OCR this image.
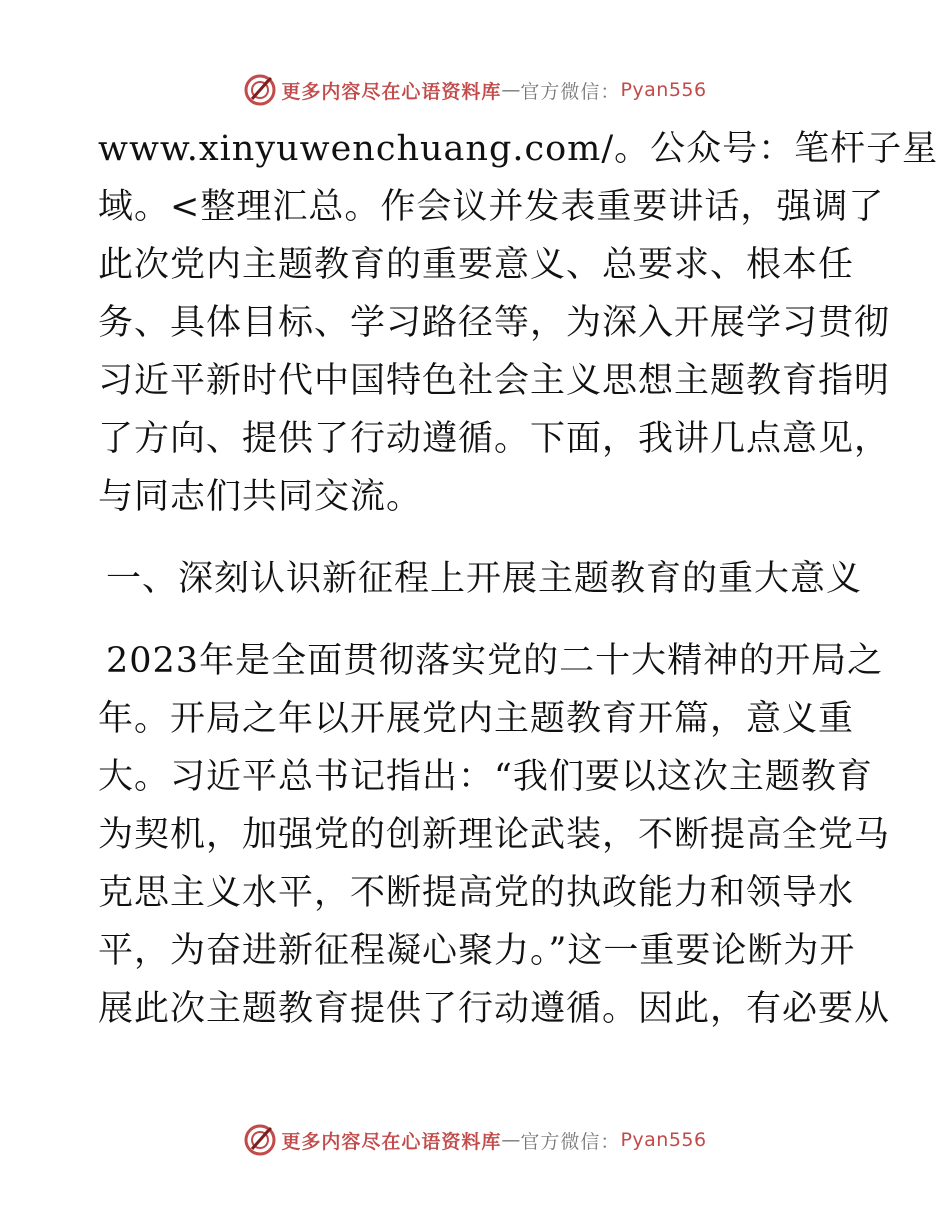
更多内容尽在心语资料库 — 官方微信： Pyan556
www.xinyuwenchuang.com/。公众号：笔杆子星
域。<整理汇总。作会议并发表重要讲话，强调了
此次党内主题教育的重要意义、总要求、根本任
务、具体目标、学习路径等，为深入开展学习贯彻
习近平新时代中国特色社会主义思想主题教育指明
了方向、提供了行动遵循。下面，我讲几点意见，
与同志们共同交流。
一、深刻认识新征程上开展主题教育的重大意义
2023年是全面贯彻落实党的二十大精神的开局之
年。开局之年以开展党内主题教育开篇，意义重
大。习近平总书记指出：“我们要以这次主题教育
为契机，加强党的创新理论武装，不断提高全党马
克思主义水平，不断提高党的执政能力和领导水
平，为奋进新征程凝心聚力。”这一重要论断为开
展此次主题教育提供了行动遵循。因此，有必要从
更多内容尽在心语资料库 — 官方微信： Pyan556
